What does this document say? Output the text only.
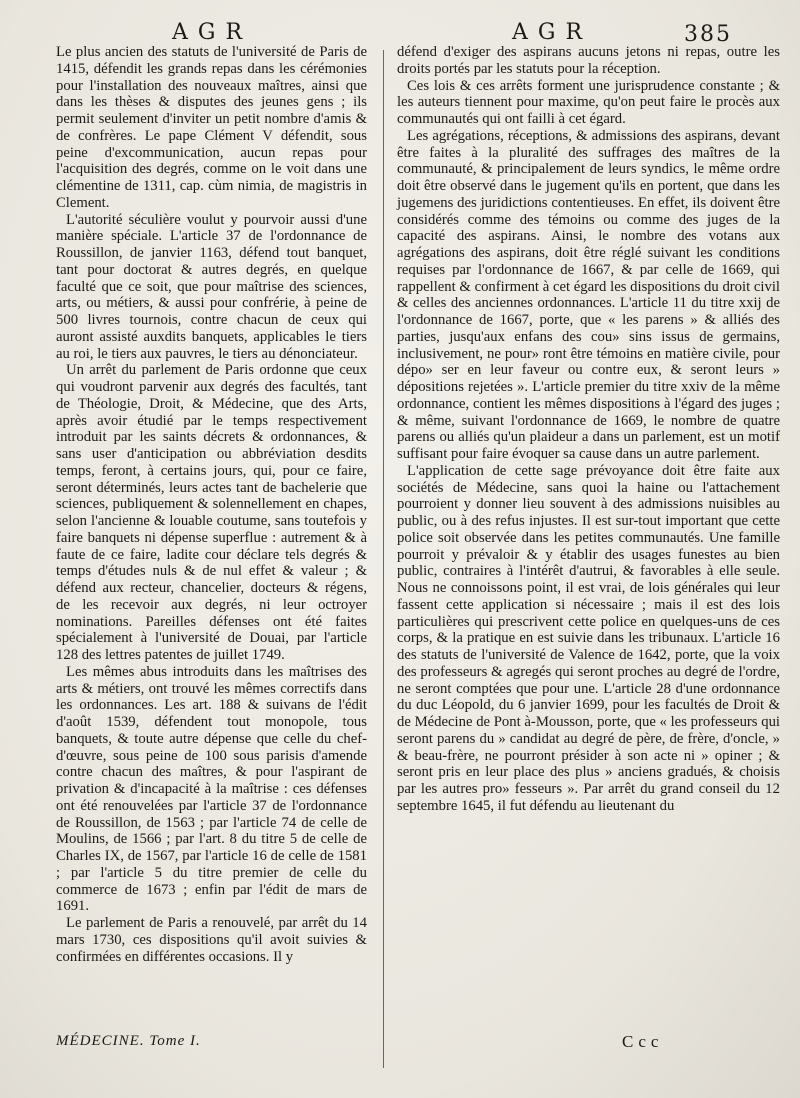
AGR	AGR	385

Le plus ancien des statuts de l'université de Paris de 1415, défendit les grands repas dans les cérémonies pour l'installation des nouveaux maîtres, ainsi que dans les thèses & disputes des jeunes gens ; ils permit seulement d'inviter un petit nombre d'amis & de confrères. Le pape Clément V défendit, sous peine d'excommunication, aucun repas pour l'acquisition des degrés, comme on le voit dans une clémentine de 1311, cap. cùm nimia, de magistris in Clement.

L'autorité séculière voulut y pourvoir aussi d'une manière spéciale. L'article 37 de l'ordonnance de Roussillon, de janvier 1163, défend tout banquet, tant pour doctorat & autres degrés, en quelque faculté que ce soit, que pour maîtrise des sciences, arts, ou métiers, & aussi pour confrérie, à peine de 500 livres tournois, contre chacun de ceux qui auront assisté auxdits banquets, applicables le tiers au roi, le tiers aux pauvres, le tiers au dénonciateur.

Un arrêt du parlement de Paris ordonne que ceux qui voudront parvenir aux degrés des facultés, tant de Théologie, Droit, & Médecine, que des Arts, après avoir étudié par le temps respectivement introduit par les saints décrets & ordonnances, & sans user d'anticipation ou abbréviation desdits temps, feront, à certains jours, qui, pour ce faire, seront déterminés, leurs actes tant de bachelerie que sciences, publiquement & solennellement en chapes, selon l'ancienne & louable coutume, sans toutefois y faire banquets ni dépense superflue : autrement & à faute de ce faire, ladite cour déclare tels degrés & temps d'études nuls & de nul effet & valeur ; & défend aux recteur, chancelier, docteurs & régens, de les recevoir aux degrés, ni leur octroyer nominations. Pareilles défenses ont été faites spécialement à l'université de Douai, par l'article 128 des lettres patentes de juillet 1749.

Les mêmes abus introduits dans les maîtrises des arts & métiers, ont trouvé les mêmes correctifs dans les ordonnances. Les art. 188 & suivans de l'édit d'août 1539, défendent tout monopole, tous banquets, & toute autre dépense que celle du chef-d'œuvre, sous peine de 100 sous parisis d'amende contre chacun des maîtres, & pour l'aspirant de privation & d'incapacité à la maîtrise : ces défenses ont été renouvelées par l'article 37 de l'ordonnance de Roussillon, de 1563 ; par l'article 74 de celle de Moulins, de 1566 ; par l'art. 8 du titre 5 de celle de Charles IX, de 1567, par l'article 16 de celle de 1581 ; par l'article 5 du titre premier de celle du commerce de 1673 ; enfin par l'édit de mars de 1691.

Le parlement de Paris a renouvelé, par arrêt du 14 mars 1730, ces dispositions qu'il avoit suivies & confirmées en différentes occasions. Il y

défend d'exiger des aspirans aucuns jetons ni repas, outre les droits portés par les statuts pour la réception.

Ces lois & ces arrêts forment une jurisprudence constante ; & les auteurs tiennent pour maxime, qu'on peut faire le procès aux communautés qui ont failli à cet égard.

Les agrégations, réceptions, & admissions des aspirans, devant être faites à la pluralité des suffrages des maîtres de la communauté, & principalement de leurs syndics, le même ordre doit être observé dans le jugement qu'ils en portent, que dans les jugemens des juridictions contentieuses. En effet, ils doivent être considérés comme des témoins ou comme des juges de la capacité des aspirans. Ainsi, le nombre des votans aux agrégations des aspirans, doit être réglé suivant les conditions requises par l'ordonnance de 1667, & par celle de 1669, qui rappellent & confirment à cet égard les dispositions du droit civil & celles des anciennes ordonnances. L'article 11 du titre xxij de l'ordonnance de 1667, porte, que « les parens » & alliés des parties, jusqu'aux enfans des cou» sins issus de germains, inclusivement, ne pour» ront être témoins en matière civile, pour dépo» ser en leur faveur ou contre eux, & seront leurs » dépositions rejetées ». L'article premier du titre xxiv de la même ordonnance, contient les mêmes dispositions à l'égard des juges ; & même, suivant l'ordonnance de 1669, le nombre de quatre parens ou alliés qu'un plaideur a dans un parlement, est un motif suffisant pour faire évoquer sa cause dans un autre parlement.

L'application de cette sage prévoyance doit être faite aux sociétés de Médecine, sans quoi la haine ou l'attachement pourroient y donner lieu souvent à des admissions nuisibles au public, ou à des refus injustes. Il est sur-tout important que cette police soit observée dans les petites communautés. Une famille pourroit y prévaloir & y établir des usages funestes au bien public, contraires à l'intérêt d'autrui, & favorables à elle seule. Nous ne connoissons point, il est vrai, de lois générales qui leur fassent cette application si nécessaire ; mais il est des lois particulières qui prescrivent cette police en quelques-uns de ces corps, & la pratique en est suivie dans les tribunaux. L'article 16 des statuts de l'université de Valence de 1642, porte, que la voix des professeurs & agregés qui seront proches au degré de l'ordre, ne seront comptées que pour une. L'article 28 d'une ordonnance du duc Léopold, du 6 janvier 1699, pour les facultés de Droit & de Médecine de Pont à-Mousson, porte, que « les professeurs qui seront parens du » candidat au degré de père, de frère, d'oncle, » & beau-frère, ne pourront présider à son acte ni » opiner ; & seront pris en leur place des plus » anciens gradués, & choisis par les autres pro» fesseurs ». Par arrêt du grand conseil du 12 septembre 1645, il fut défendu au lieutenant du

MÉDECINE. Tome I.	Ccc
